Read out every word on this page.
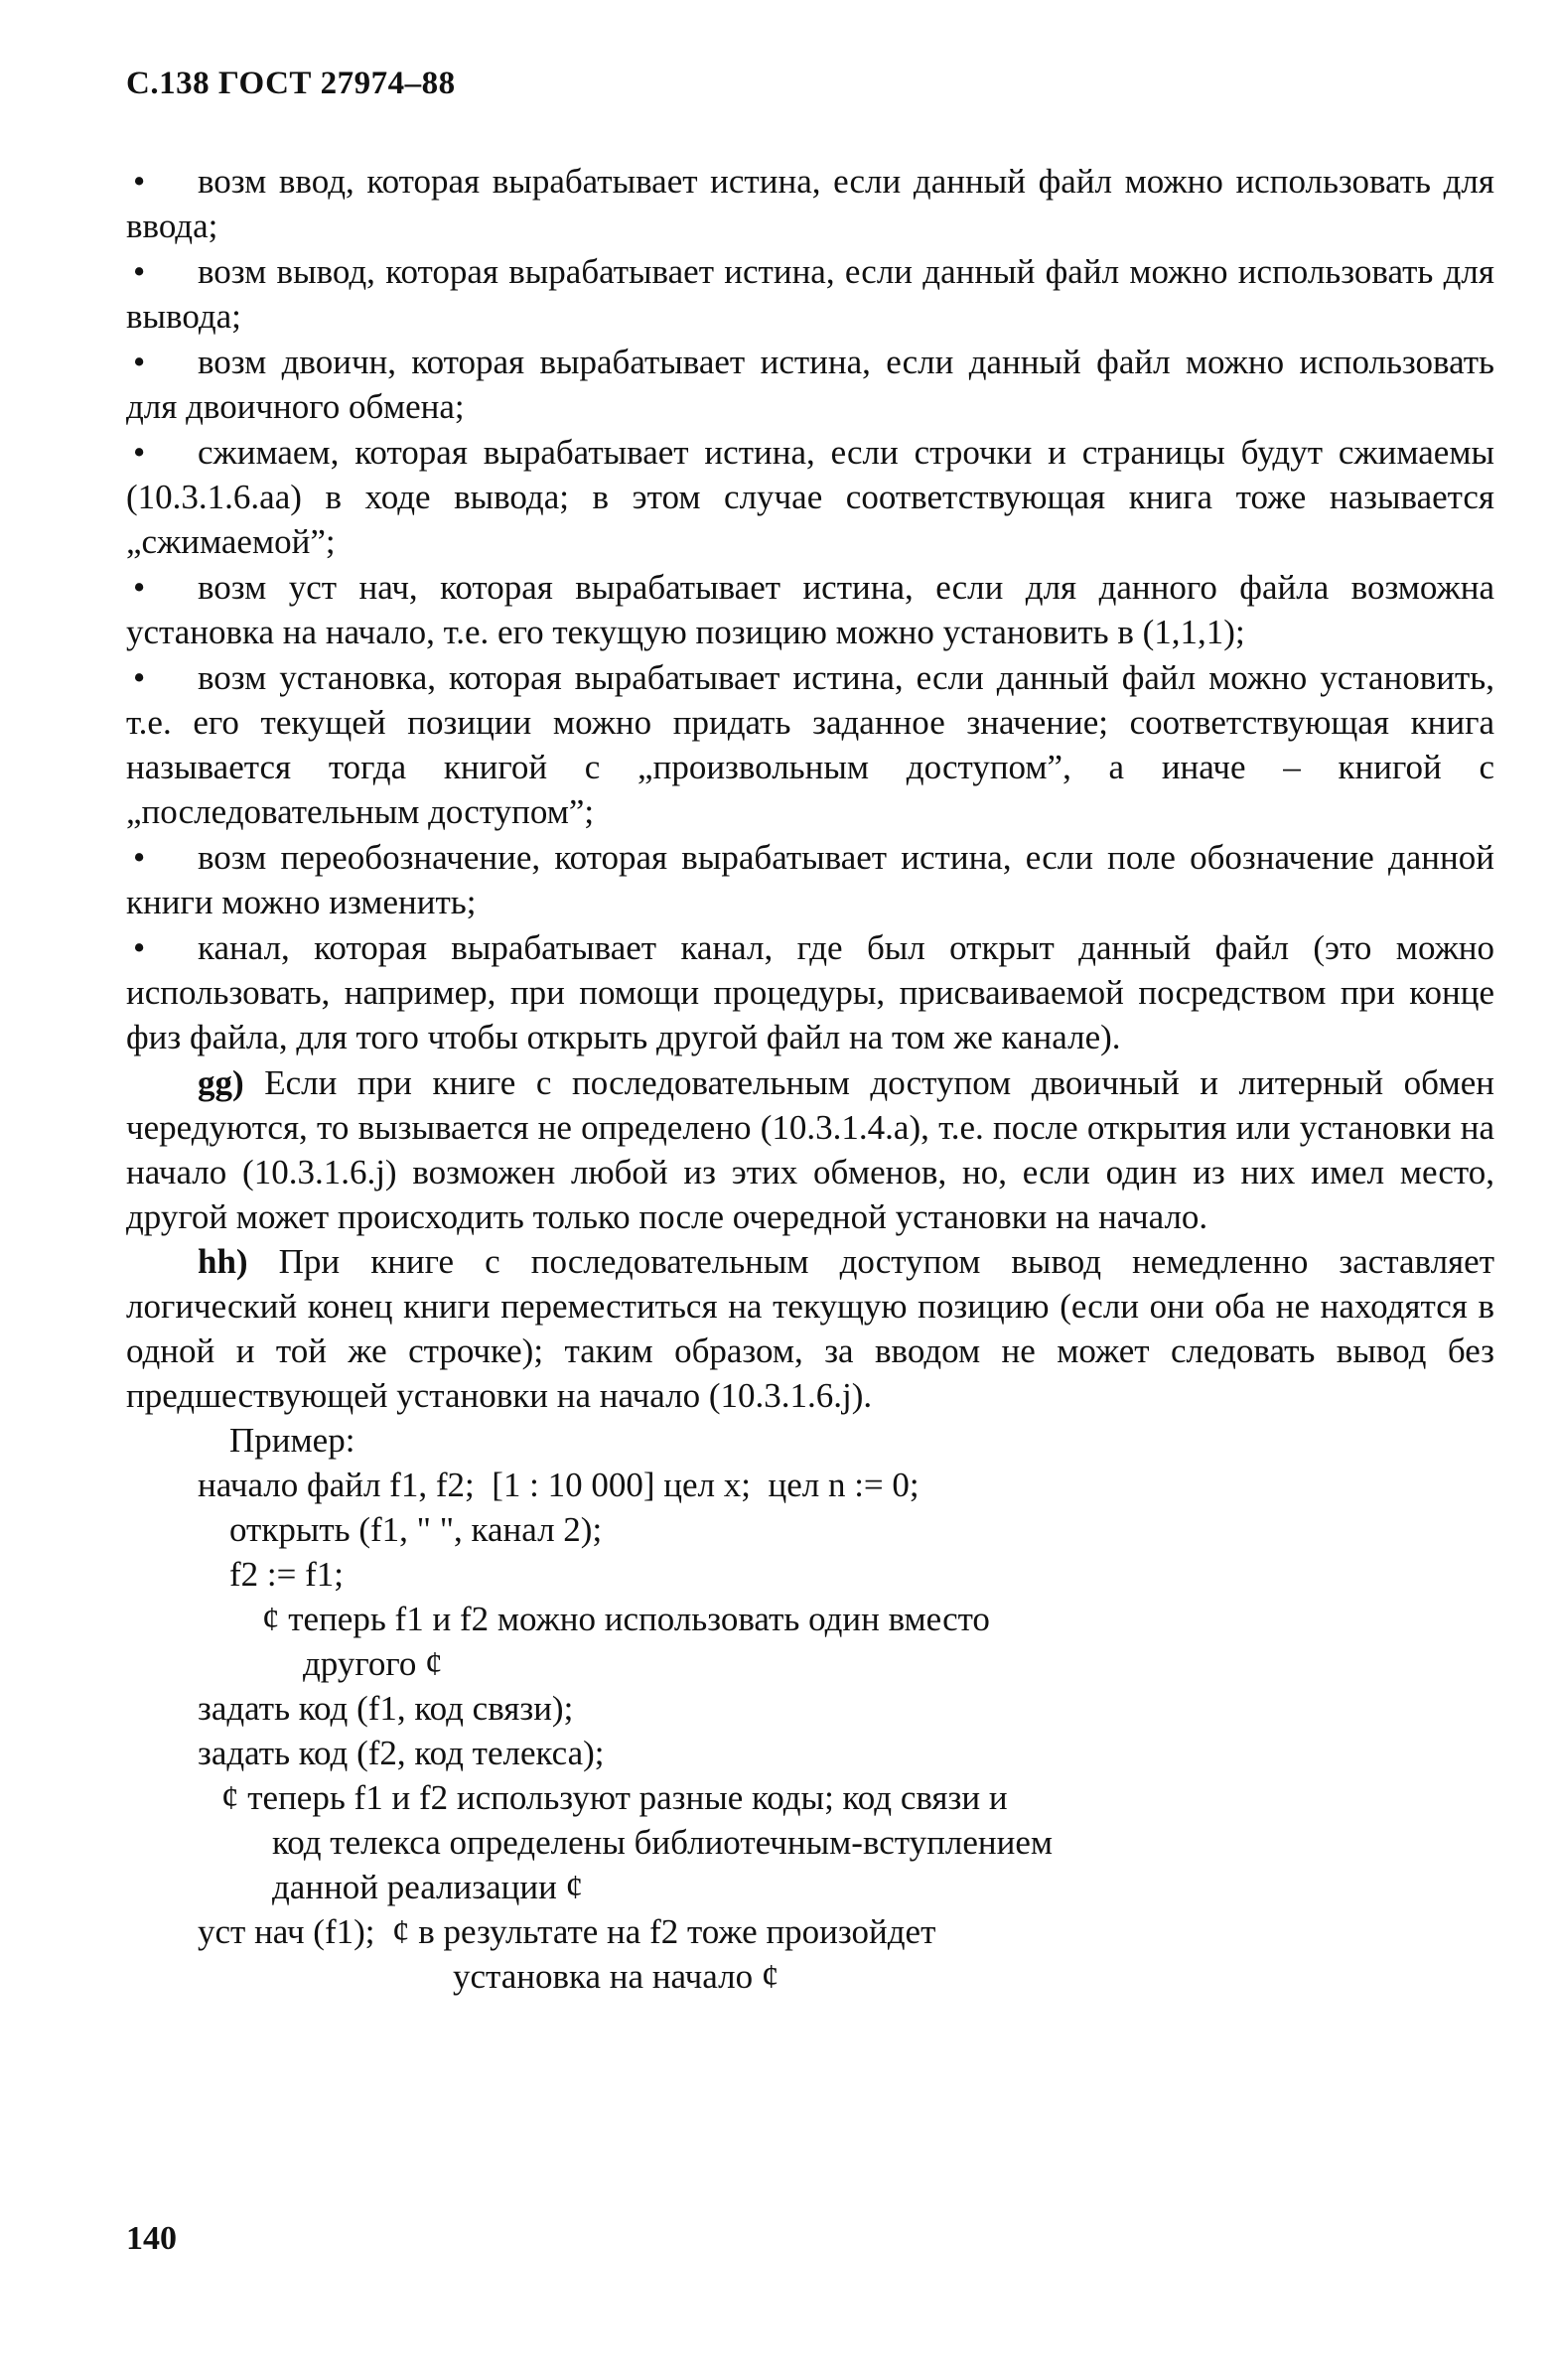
С.138 ГОСТ 27974–88
• возм ввод, которая вырабатывает истина, если данный файл можно использовать для ввода;
• возм вывод, которая вырабатывает истина, если данный файл можно использовать для вывода;
• возм двоичн, которая вырабатывает истина, если данный файл можно использовать для двоичного обмена;
• сжимаем, которая вырабатывает истина, если строчки и страницы будут сжимаемы (10.3.1.6.aa) в ходе вывода; в этом случае соответствующая книга тоже называется „сжимаемой”;
• возм уст нач, которая вырабатывает истина, если для данного файла возможна установка на начало, т.е. его текущую позицию можно установить в (1,1,1);
• возм установка, которая вырабатывает истина, если данный файл можно установить, т.е. его текущей позиции можно придать заданное значение; соответствующая книга называется тогда книгой с „произвольным доступом”, а иначе – книгой с „последовательным доступом”;
• возм переобозначение, которая вырабатывает истина, если поле обозначение данной книги можно изменить;
• канал, которая вырабатывает канал, где был открыт данный файл (это можно использовать, например, при помощи процедуры, присваиваемой посредством при конце физ файла, для того чтобы открыть другой файл на том же канале).

gg) Если при книге с последовательным доступом двоичный и литерный обмен чередуются, то вызывается не определено (10.3.1.4.a), т.е. после открытия или установки на начало (10.3.1.6.j) возможен любой из этих обменов, но, если один из них имел место, другой может происходить только после очередной установки на начало.

hh) При книге с последовательным доступом вывод немедленно заставляет логический конец книги переместиться на текущую позицию (если они оба не находятся в одной и той же строчке); таким образом, за вводом не может следовать вывод без предшествующей установки на начало (10.3.1.6.j).

Пример:
начало файл f1, f2;  [1 : 10 000] цел x;  цел n := 0;
открыть (f1, " ", канал 2);
f2 := f1;
¢ теперь f1 и f2 можно использовать один вместо
другого ¢
задать код (f1, код связи);
задать код (f2, код телекса);
¢ теперь f1 и f2 используют разные коды; код связи и
код телекса определены библиотечным-вступлением
данной реализации ¢
уст нач (f1);  ¢ в результате на f2 тоже произойдет
установка на начало ¢
140
